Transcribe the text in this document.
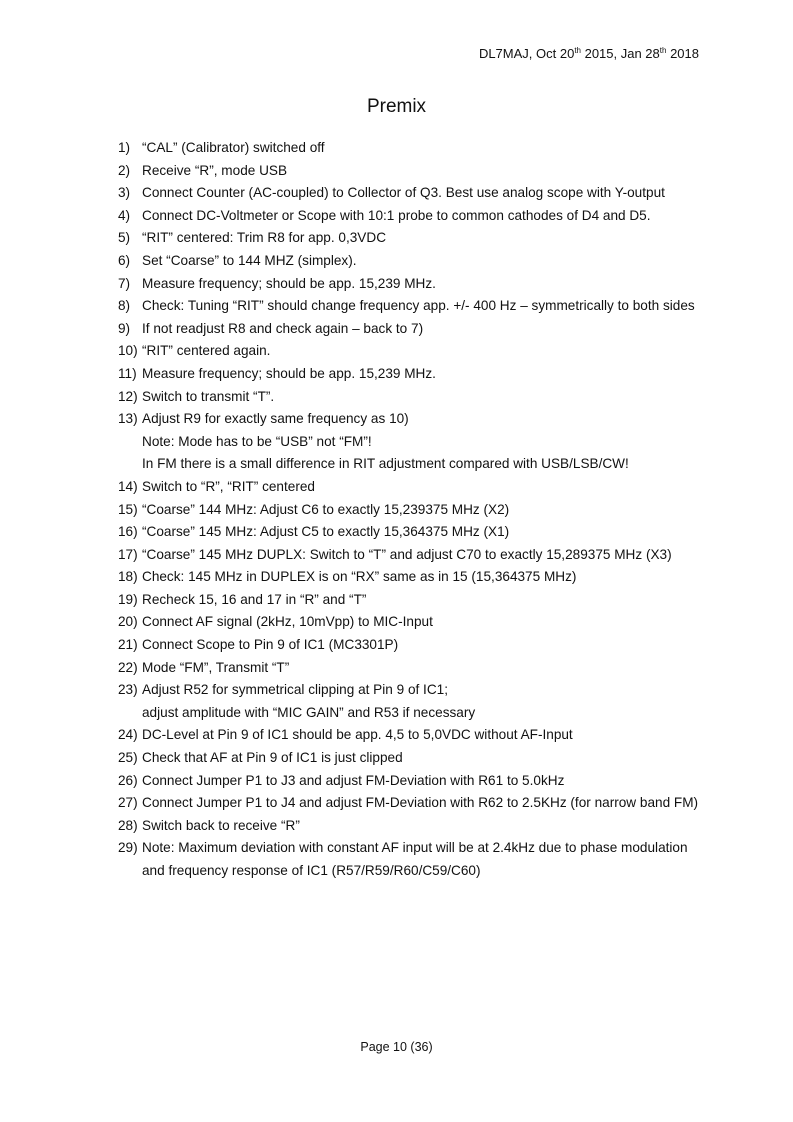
DL7MAJ, Oct 20th 2015, Jan 28th 2018
Premix
1) “CAL” (Calibrator) switched off
2) Receive “R”, mode USB
3) Connect Counter (AC-coupled) to Collector of Q3. Best use analog scope with Y-output
4) Connect DC-Voltmeter or Scope with 10:1 probe to common cathodes of D4 and D5.
5) “RIT” centered: Trim R8 for app. 0,3VDC
6) Set “Coarse” to 144 MHZ (simplex).
7) Measure frequency; should be app. 15,239 MHz.
8) Check: Tuning “RIT” should change frequency app. +/- 400 Hz – symmetrically to both sides
9) If not readjust R8 and check again – back to 7)
10) “RIT” centered again.
11) Measure frequency; should be app. 15,239 MHz.
12) Switch to transmit “T”.
13) Adjust R9 for exactly same frequency as 10)
Note: Mode has to be “USB” not “FM”!
In FM there is a small difference in RIT adjustment compared with USB/LSB/CW!
14) Switch to “R”, “RIT” centered
15) “Coarse” 144 MHz: Adjust C6 to exactly 15,239375 MHz (X2)
16) “Coarse” 145 MHz: Adjust C5 to exactly 15,364375 MHz (X1)
17) “Coarse” 145 MHz DUPLX: Switch to “T” and adjust C70 to exactly 15,289375 MHz (X3)
18) Check: 145 MHz in DUPLEX is on “RX” same as in 15 (15,364375 MHz)
19) Recheck 15, 16 and 17 in “R” and “T”
20) Connect AF signal (2kHz, 10mVpp) to MIC-Input
21) Connect Scope to Pin 9 of IC1 (MC3301P)
22) Mode “FM”, Transmit “T”
23) Adjust R52 for symmetrical clipping at Pin 9 of IC1;
adjust amplitude with “MIC GAIN” and R53 if necessary
24) DC-Level at Pin 9 of IC1 should be app. 4,5 to 5,0VDC without AF-Input
25) Check that AF at Pin 9 of IC1 is just clipped
26) Connect Jumper P1 to J3 and adjust FM-Deviation with R61 to 5.0kHz
27) Connect Jumper P1 to J4 and adjust FM-Deviation with R62 to 2.5KHz (for narrow band FM)
28) Switch back to receive “R”
29) Note: Maximum deviation with constant AF input will be at 2.4kHz due to phase modulation and frequency response of IC1 (R57/R59/R60/C59/C60)
Page 10 (36)
